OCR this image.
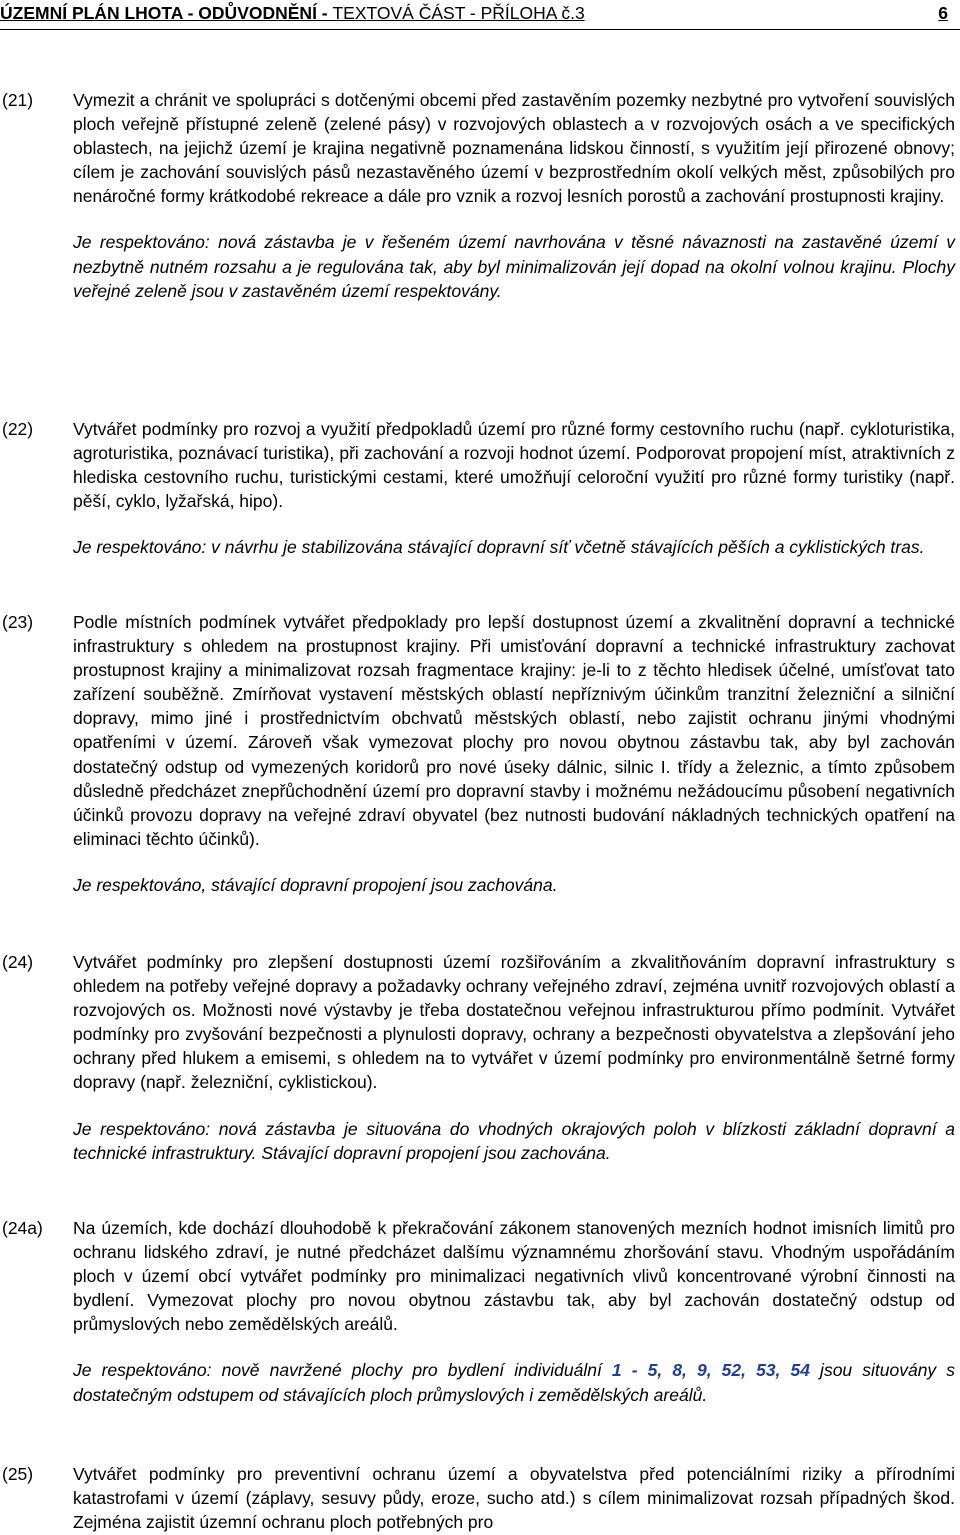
ÚZEMNÍ PLÁN LHOTA - ODŮVODNĚNÍ - TEXTOVÁ ČÁST - PŘÍLOHA č.3	6
(21) Vymezit a chránit ve spolupráci s dotčenými obcemi před zastavěním pozemky nezbytné pro vytvoření souvislých ploch veřejně přístupné zeleně (zelené pásy) v rozvojových oblastech a v rozvojových osách a ve specifických oblastech, na jejichž území je krajina negativně poznamenána lidskou činností, s využitím její přirozené obnovy; cílem je zachování souvislých pásů nezastavěného území v bezprostředním okolí velkých měst, způsobilých pro nenáročné formy krátkodobé rekreace a dále pro vznik a rozvoj lesních porostů a zachování prostupnosti krajiny.
Je respektováno: nová zástavba je v řešeném území navrhována v těsné návaznosti na zastavěné území v nezbytně nutném rozsahu a je regulována tak, aby byl minimalizován její dopad na okolní volnou krajinu. Plochy veřejné zeleně jsou v zastavěném území respektovány.
(22) Vytvářet podmínky pro rozvoj a využití předpokladů území pro různé formy cestovního ruchu (např. cykloturistika, agroturistika, poznávací turistika), při zachování a rozvoji hodnot území. Podporovat propojení míst, atraktivních z hlediska cestovního ruchu, turistickými cestami, které umožňují celoroční využití pro různé formy turistiky (např. pěší, cyklo, lyžařská, hipo).
Je respektováno: v návrhu je stabilizována stávající dopravní síť včetně stávajících pěších a cyklistických tras.
(23) Podle místních podmínek vytvářet předpoklady pro lepší dostupnost území a zkvalitnění dopravní a technické infrastruktury s ohledem na prostupnost krajiny. Při umisťování dopravní a technické infrastruktury zachovat prostupnost krajiny a minimalizovat rozsah fragmentace krajiny: je-li to z těchto hledisek účelné, umísťovat tato zařízení souběžně. Zmírňovat vystavení městských oblastí nepříznivým účinkům tranzitní železniční a silniční dopravy, mimo jiné i prostřednictvím obchvatů městských oblastí, nebo zajistit ochranu jinými vhodnými opatřeními v území. Zároveň však vymezovat plochy pro novou obytnou zástavbu tak, aby byl zachován dostatečný odstup od vymezených koridorů pro nové úseky dálnic, silnic I. třídy a železnic, a tímto způsobem důsledně předcházet znepřůchodnění území pro dopravní stavby i možnému nežádoucímu působení negativních účinků provozu dopravy na veřejné zdraví obyvatel (bez nutnosti budování nákladných technických opatření na eliminaci těchto účinků).
Je respektováno, stávající dopravní propojení jsou zachována.
(24) Vytvářet podmínky pro zlepšení dostupnosti území rozšiřováním a zkvalitňováním dopravní infrastruktury s ohledem na potřeby veřejné dopravy a požadavky ochrany veřejného zdraví, zejména uvnitř rozvojových oblastí a rozvojových os. Možnosti nové výstavby je třeba dostatečnou veřejnou infrastrukturou přímo podmínit. Vytvářet podmínky pro zvyšování bezpečnosti a plynulosti dopravy, ochrany a bezpečnosti obyvatelstva a zlepšování jeho ochrany před hlukem a emisemi, s ohledem na to vytvářet v území podmínky pro environmentálně šetrné formy dopravy (např. železniční, cyklistickou).
Je respektováno: nová zástavba je situována do vhodných okrajových poloh v blízkosti základní dopravní a technické infrastruktury. Stávající dopravní propojení jsou zachována.
(24a) Na územích, kde dochází dlouhodobě k překračování zákonem stanovených mezních hodnot imisních limitů pro ochranu lidského zdraví, je nutné předcházet dalšímu významnému zhoršování stavu. Vhodným uspořádáním ploch v území obcí vytvářet podmínky pro minimalizaci negativních vlivů koncentrované výrobní činnosti na bydlení. Vymezovat plochy pro novou obytnou zástavbu tak, aby byl zachován dostatečný odstup od průmyslových nebo zemědělských areálů.
Je respektováno: nově navržené plochy pro bydlení individuální 1 - 5, 8, 9, 52, 53, 54 jsou situovány s dostatečným odstupem od stávajících ploch průmyslových i zemědělských areálů.
(25) Vytvářet podmínky pro preventivní ochranu území a obyvatelstva před potenciálními riziky a přírodními katastrofami v území (záplavy, sesuvy půdy, eroze, sucho atd.) s cílem minimalizovat rozsah případných škod. Zejména zajistit územní ochranu ploch potřebných pro
